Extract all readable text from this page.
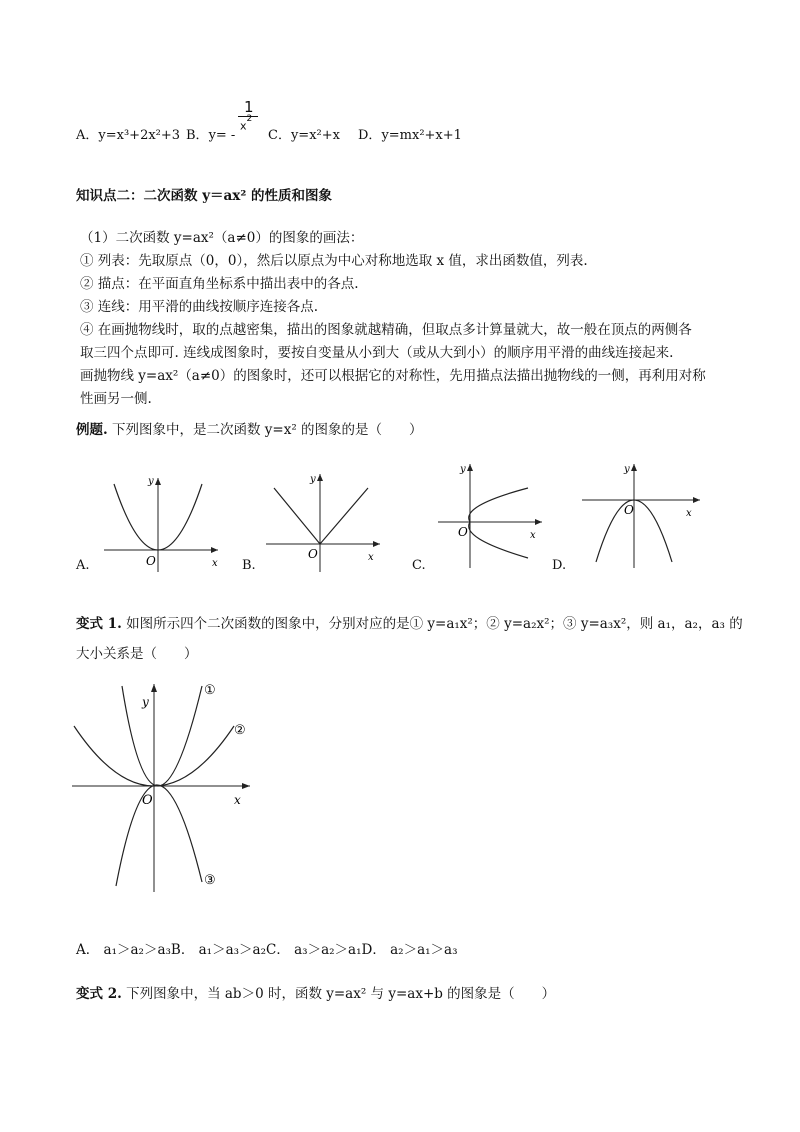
A．y=x³+2x²+3 B．y= -
1
$x^2$
C．y=x²+x D．y=mx²+x+1
知识点二：二次函数 y＝ax² 的性质和图象
（1）二次函数 y=ax²（a≠0）的图象的画法：
① 列表：先取原点（0，0），然后以原点为中心对称地选取 x 值，求出函数值，列表.
② 描点：在平面直角坐标系中描出表中的各点.
③ 连线：用平滑的曲线按顺序连接各点.
④ 在画抛物线时，取的点越密集，描出的图象就越精确，但取点多计算量就大，故一般在顶点的两侧各
取三四个点即可. 连线成图象时，要按自变量从小到大（或从大到小）的顺序用平滑的曲线连接起来.
画抛物线 y=ax²（a≠0）的图象时，还可以根据它的对称性，先用描点法描出抛物线的一侧，再利用对称
性画另一侧.
例题. 下列图象中，是二次函数 y=x² 的图象的是（　　）
x
y
O
A.
x
y
O
B.
x
y
O
C.
x
y
O
D.
变式 1. 如图所示四个二次函数的图象中，分别对应的是① y=a₁x²；② y=a₂x²；③ y=a₃x²，则 a₁，a₂，a₃ 的
大小关系是（　　）
y
x
O
①
②
③
A． a₁＞a₂＞a₃B． a₁＞a₃＞a₂C． a₃＞a₂＞a₁D． a₂＞a₁＞a₃
变式 2. 下列图象中，当 ab＞0 时，函数 y=ax² 与 y=ax+b 的图象是（　　）
